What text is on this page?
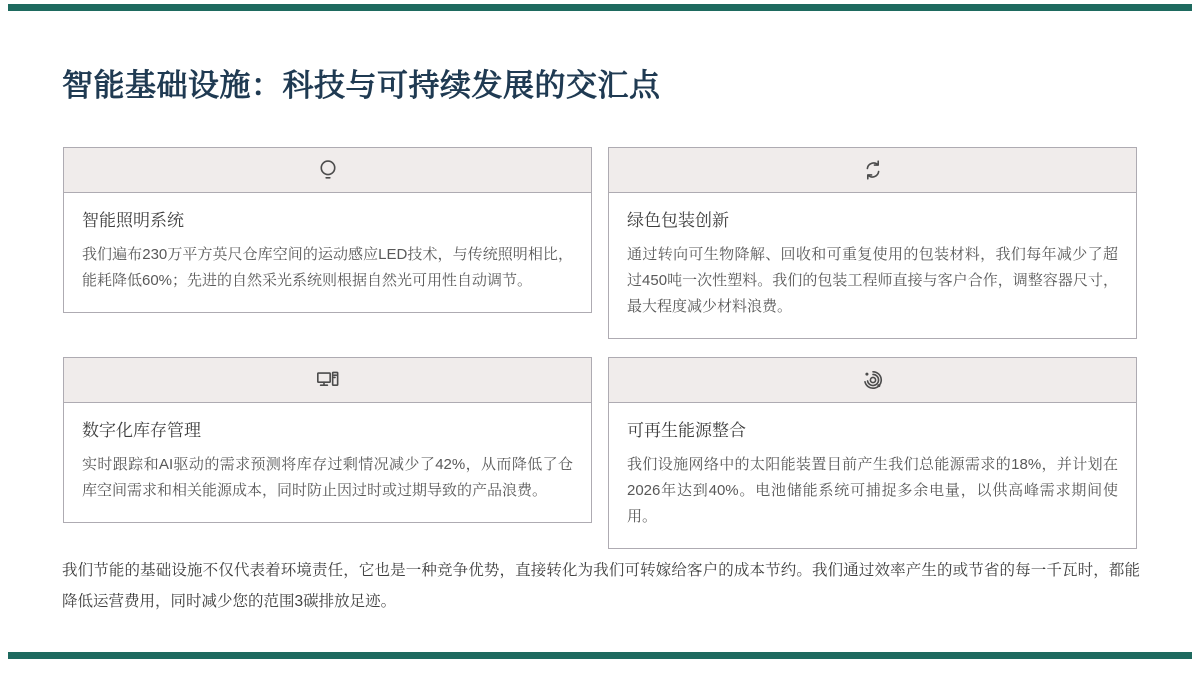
智能基础设施：科技与可持续发展的交汇点
智能照明系统
我们遍布230万平方英尺仓库空间的运动感应LED技术，与传统照明相比，能耗降低60%；先进的自然采光系统则根据自然光可用性自动调节。
绿色包装创新
通过转向可生物降解、回收和可重复使用的包装材料，我们每年减少了超过450吨一次性塑料。我们的包装工程师直接与客户合作，调整容器尺寸，最大程度减少材料浪费。
数字化库存管理
实时跟踪和AI驱动的需求预测将库存过剩情况减少了42%，从而降低了仓库空间需求和相关能源成本，同时防止因过时或过期导致的产品浪费。
可再生能源整合
我们设施网络中的太阳能装置目前产生我们总能源需求的18%，并计划在2026年达到40%。电池储能系统可捕捉多余电量，以供高峰需求期间使用。

我们节能的基础设施不仅代表着环境责任，它也是一种竞争优势，直接转化为我们可转嫁给客户的成本节约。我们通过效率产生的或节省的每一千瓦时，都能降低运营费用，同时减少您的范围3碳排放足迹。
